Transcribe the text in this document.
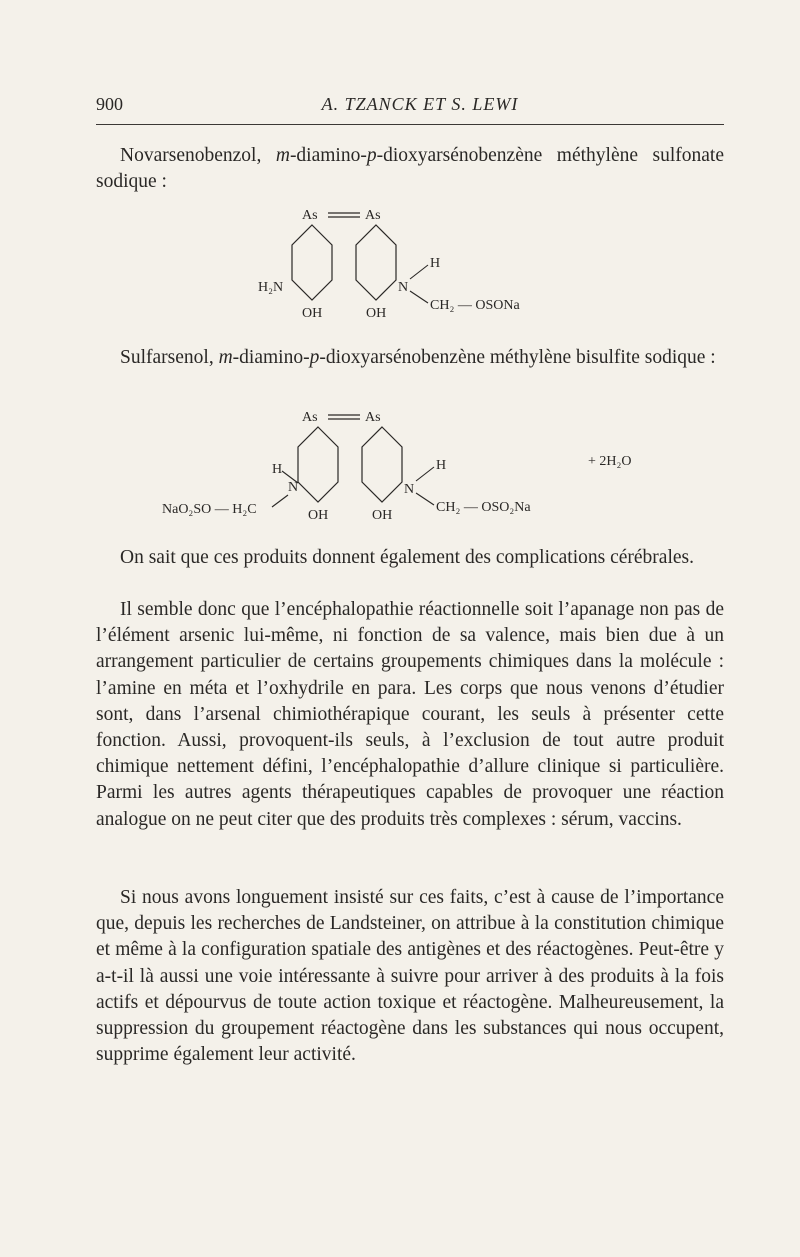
900	A. TZANCK ET S. LEWI

Novarsenobenzol, m-diamino-p-dioxyarsénobenzène méthylène sulfonate sodique :

As	As
H₂N
OH	OH
N
H
CH₂ — OSONa

Sulfarsenol, m-diamino-p-dioxyarsénobenzène méthylène bisulfite sodique :

As	As
H
N
NaO₂SO — H₂C	OH	OH
N
H
CH₂ — OSO₂Na
+ 2H₂O

On sait que ces produits donnent également des complications cérébrales.

Il semble donc que l’encéphalopathie réactionnelle soit l’apanage non pas de l’élément arsenic lui-même, ni fonction de sa valence, mais bien due à un arrangement particulier de certains groupements chimiques dans la molécule : l’amine en méta et l’oxhydrile en para. Les corps que nous venons d’étudier sont, dans l’arsenal chimiothérapique courant, les seuls à présenter cette fonction. Aussi, provoquent-ils seuls, à l’exclusion de tout autre produit chimique nettement défini, l’encéphalopathie d’allure clinique si particulière. Parmi les autres agents thérapeutiques capables de provoquer une réaction analogue on ne peut citer que des produits très complexes : sérum, vaccins.

Si nous avons longuement insisté sur ces faits, c’est à cause de l’importance que, depuis les recherches de Landsteiner, on attribue à la constitution chimique et même à la configuration spatiale des antigènes et des réactogènes. Peut-être y a-t-il là aussi une voie intéressante à suivre pour arriver à des produits à la fois actifs et dépourvus de toute action toxique et réactogène. Malheureusement, la suppression du groupement réactogène dans les substances qui nous occupent, supprime également leur activité.
